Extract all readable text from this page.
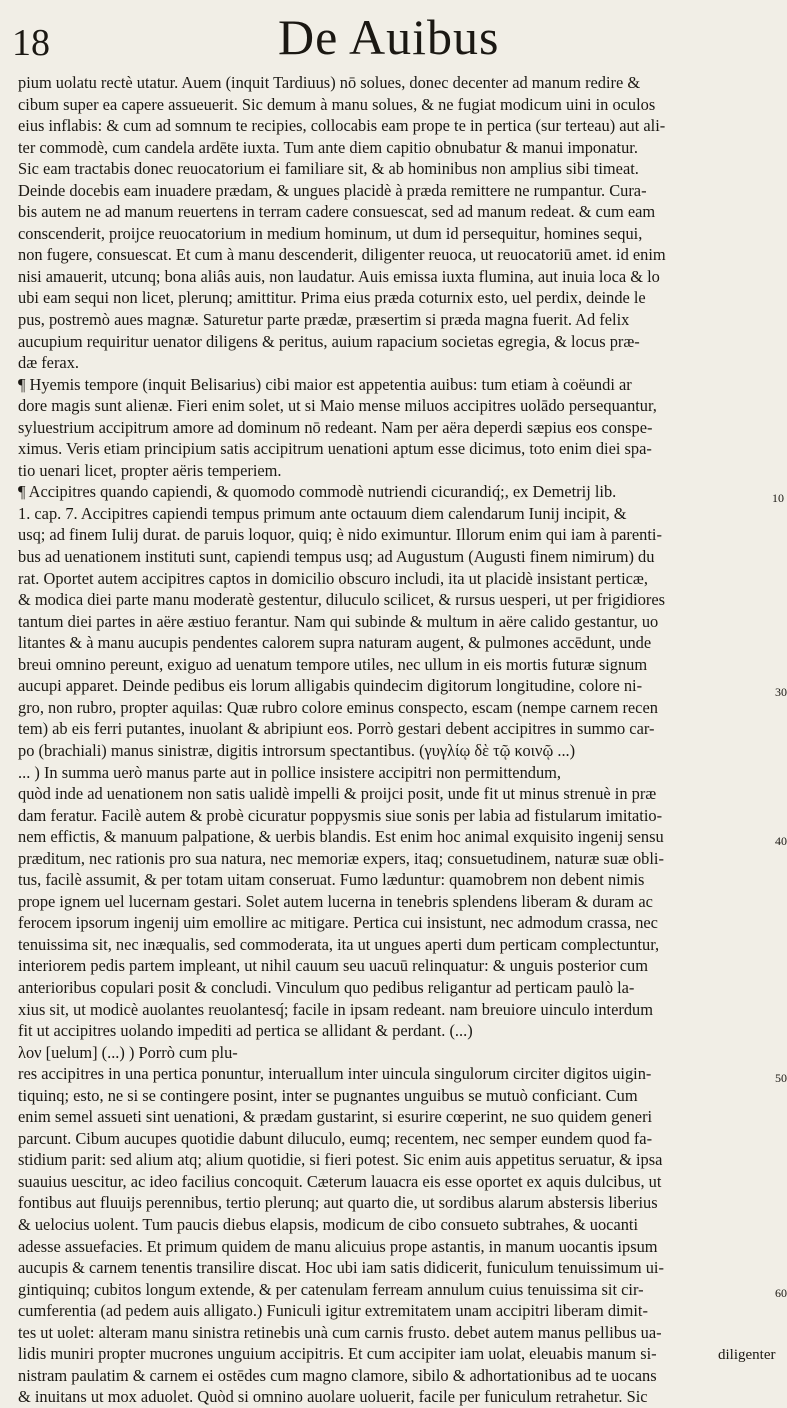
18	De Auibus
pium uolatu rectè utatur. Auem (inquit Tardiuus) nō solues, donec decenter ad manum redire &
cibum super ea capere assueuerit. Sic demum à manu solues, & ne fugiat modicum uini in oculos
eius inflabis: & cum ad somnum te recipies, collocabis eam prope te in pertica (sur terteau) aut ali-
ter commodè, cum candela ardēte iuxta. Tum ante diem capitio obnubatur & manui imponatur.
Sic eam tractabis donec reuocatorium ei familiare sit, & ab hominibus non amplius sibi timeat.
Deinde docebis eam inuadere prædam, & ungues placidè à præda remittere ne rumpantur. Cura-
bis autem ne ad manum reuertens in terram cadere consuescat, sed ad manum redeat. & cum eam
conscenderit, proijce reuocatorium in medium hominum, ut dum id persequitur, homines sequi,
non fugere, consuescat. Et cum à manu descenderit, diligenter reuoca, ut reuocatoriū amet. id enim
nisi amauerit, utcunq; bona aliâs auis, non laudatur. Auis emissa iuxta flumina, aut inuia loca & lo
ubi eam sequi non licet, plerunq; amittitur. Prima eius præda coturnix esto, uel perdix, deinde le
pus, postremò aues magnæ. Saturetur parte prædæ, præsertim si præda magna fuerit. Ad felix
aucupium requiritur uenator diligens & peritus, auium rapacium societas egregia, & locus præ-
dæ ferax.
¶ Hyemis tempore (inquit Belisarius) cibi maior est appetentia auibus: tum etiam à coëundi ar
dore magis sunt alienæ. Fieri enim solet, ut si Maio mense miluos accipitres uolādo persequantur,
syluestrium accipitrum amore ad dominum nō redeant. Nam per aëra deperdi sæpius eos conspe-
ximus. Veris etiam principium satis accipitrum uenationi aptum esse dicimus, toto enim diei spa-
tio uenari licet, propter aëris temperiem.
¶ Accipitres quando capiendi, & quomodo commodè nutriendi cicurandiq́;, ex Demetrij lib.
1. cap. 7. Accipitres capiendi tempus primum ante octauum diem calendarum Iunij incipit, &
usq; ad finem Iulij durat. de paruis loquor, quiq; è nido eximuntur. Illorum enim qui iam à parenti-
bus ad uenationem instituti sunt, capiendi tempus usq; ad Augustum (Augusti finem nimirum) du
rat. Oportet autem accipitres captos in domicilio obscuro includi, ita ut placidè insistant perticæ,
& modica diei parte manu moderatè gestentur, diluculo scilicet, & rursus uesperi, ut per frigidiores
tantum diei partes in aëre æstiuo ferantur. Nam qui subinde & multum in aëre calido gestantur, uo
litantes & à manu aucupis pendentes calorem supra naturam augent, & pulmones accēdunt, unde
breui omnino pereunt, exiguo ad uenatum tempore utiles, nec ullum in eis mortis futuræ signum
aucupi apparet. Deinde pedibus eis lorum alligabis quindecim digitorum longitudine, colore ni-
gro, non rubro, propter aquilas: Quæ rubro colore eminus conspecto, escam (nempe carnem recen
tem) ab eis ferri putantes, inuolant & abripiunt eos. Porrò gestari debent accipitres in summo car-
po (brachiali) manus sinistræ, digitis introrsum spectantibus. (γυγλίῳ δὲ τῷ κοινῷ ...)
... ) In summa uerò manus parte aut in pollice insistere accipitri non permittendum,
quòd inde ad uenationem non satis ualidè impelli & proijci posit, unde fit ut minus strenuè in præ
dam feratur. Facilè autem & probè cicuratur poppysmis siue sonis per labia ad fistularum imitatio-
nem effictis, & manuum palpatione, & uerbis blandis. Est enim hoc animal exquisito ingenij sensu
præditum, nec rationis pro sua natura, nec memoriæ expers, itaq; consuetudinem, naturæ suæ obli-
tus, facilè assumit, & per totam uitam conseruat. Fumo læduntur: quamobrem non debent nimis
prope ignem uel lucernam gestari. Solet autem lucerna in tenebris splendens liberam & duram ac
ferocem ipsorum ingenij uim emollire ac mitigare. Pertica cui insistunt, nec admodum crassa, nec
tenuissima sit, nec inæqualis, sed commoderata, ita ut ungues aperti dum perticam complectuntur,
interiorem pedis partem impleant, ut nihil cauum seu uacuū relinquatur: & unguis posterior cum
anterioribus copulari posit & concludi. Vinculum quo pedibus religantur ad perticam paulò la-
xius sit, ut modicè auolantes reuolantesq́; facile in ipsam redeant. nam breuiore uinculo interdum
fit ut accipitres uolando impediti ad pertica se allidant & perdant. (...)
λον [uelum] (...) ) Porrò cum plu-
res accipitres in una pertica ponuntur, interuallum inter uincula singulorum circiter digitos uigin-
tiquinq; esto, ne si se contingere posint, inter se pugnantes unguibus se mutuò conficiant. Cum
enim semel assueti sint uenationi, & prædam gustarint, si esurire cœperint, ne suo quidem generi
parcunt. Cibum aucupes quotidie dabunt diluculo, eumq; recentem, nec semper eundem quod fa-
stidium parit: sed alium atq; alium quotidie, si fieri potest. Sic enim auis appetitus seruatur, & ipsa
suauius uescitur, ac ideo facilius concoquit. Cæterum lauacra eis esse oportet ex aquis dulcibus, ut
fontibus aut fluuijs perennibus, tertio plerunq; aut quarto die, ut sordibus alarum abstersis liberius
& uelocius uolent. Tum paucis diebus elapsis, modicum de cibo consueto subtrahes, & uocanti
adesse assuefacies. Et primum quidem de manu alicuius prope astantis, in manum uocantis ipsum
aucupis & carnem tenentis transilire discat. Hoc ubi iam satis didicerit, funiculum tenuissimum ui-
gintiquinq; cubitos longum extende, & per catenulam ferream annulum cuius tenuissima sit cir-
cumferentia (ad pedem auis alligato.) Funiculi igitur extremitatem unam accipitri liberam dimit-
tes ut uolet: alteram manu sinistra retinebis unà cum carnis frusto. debet autem manus pellibus ua-
lidis muniri propter mucrones unguium accipitris. Et cum accipiter iam uolat, eleuabis manum si-
nistram paulatim & carnem ei ostēdes cum magno clamore, sibilo & adhortationibus ad te uocans
& inuitans ut mox aduolet. Quòd si omnino auolare uoluerit, facile per funiculum retrahetur. Sic
10
30
40
50
60
diligenter
